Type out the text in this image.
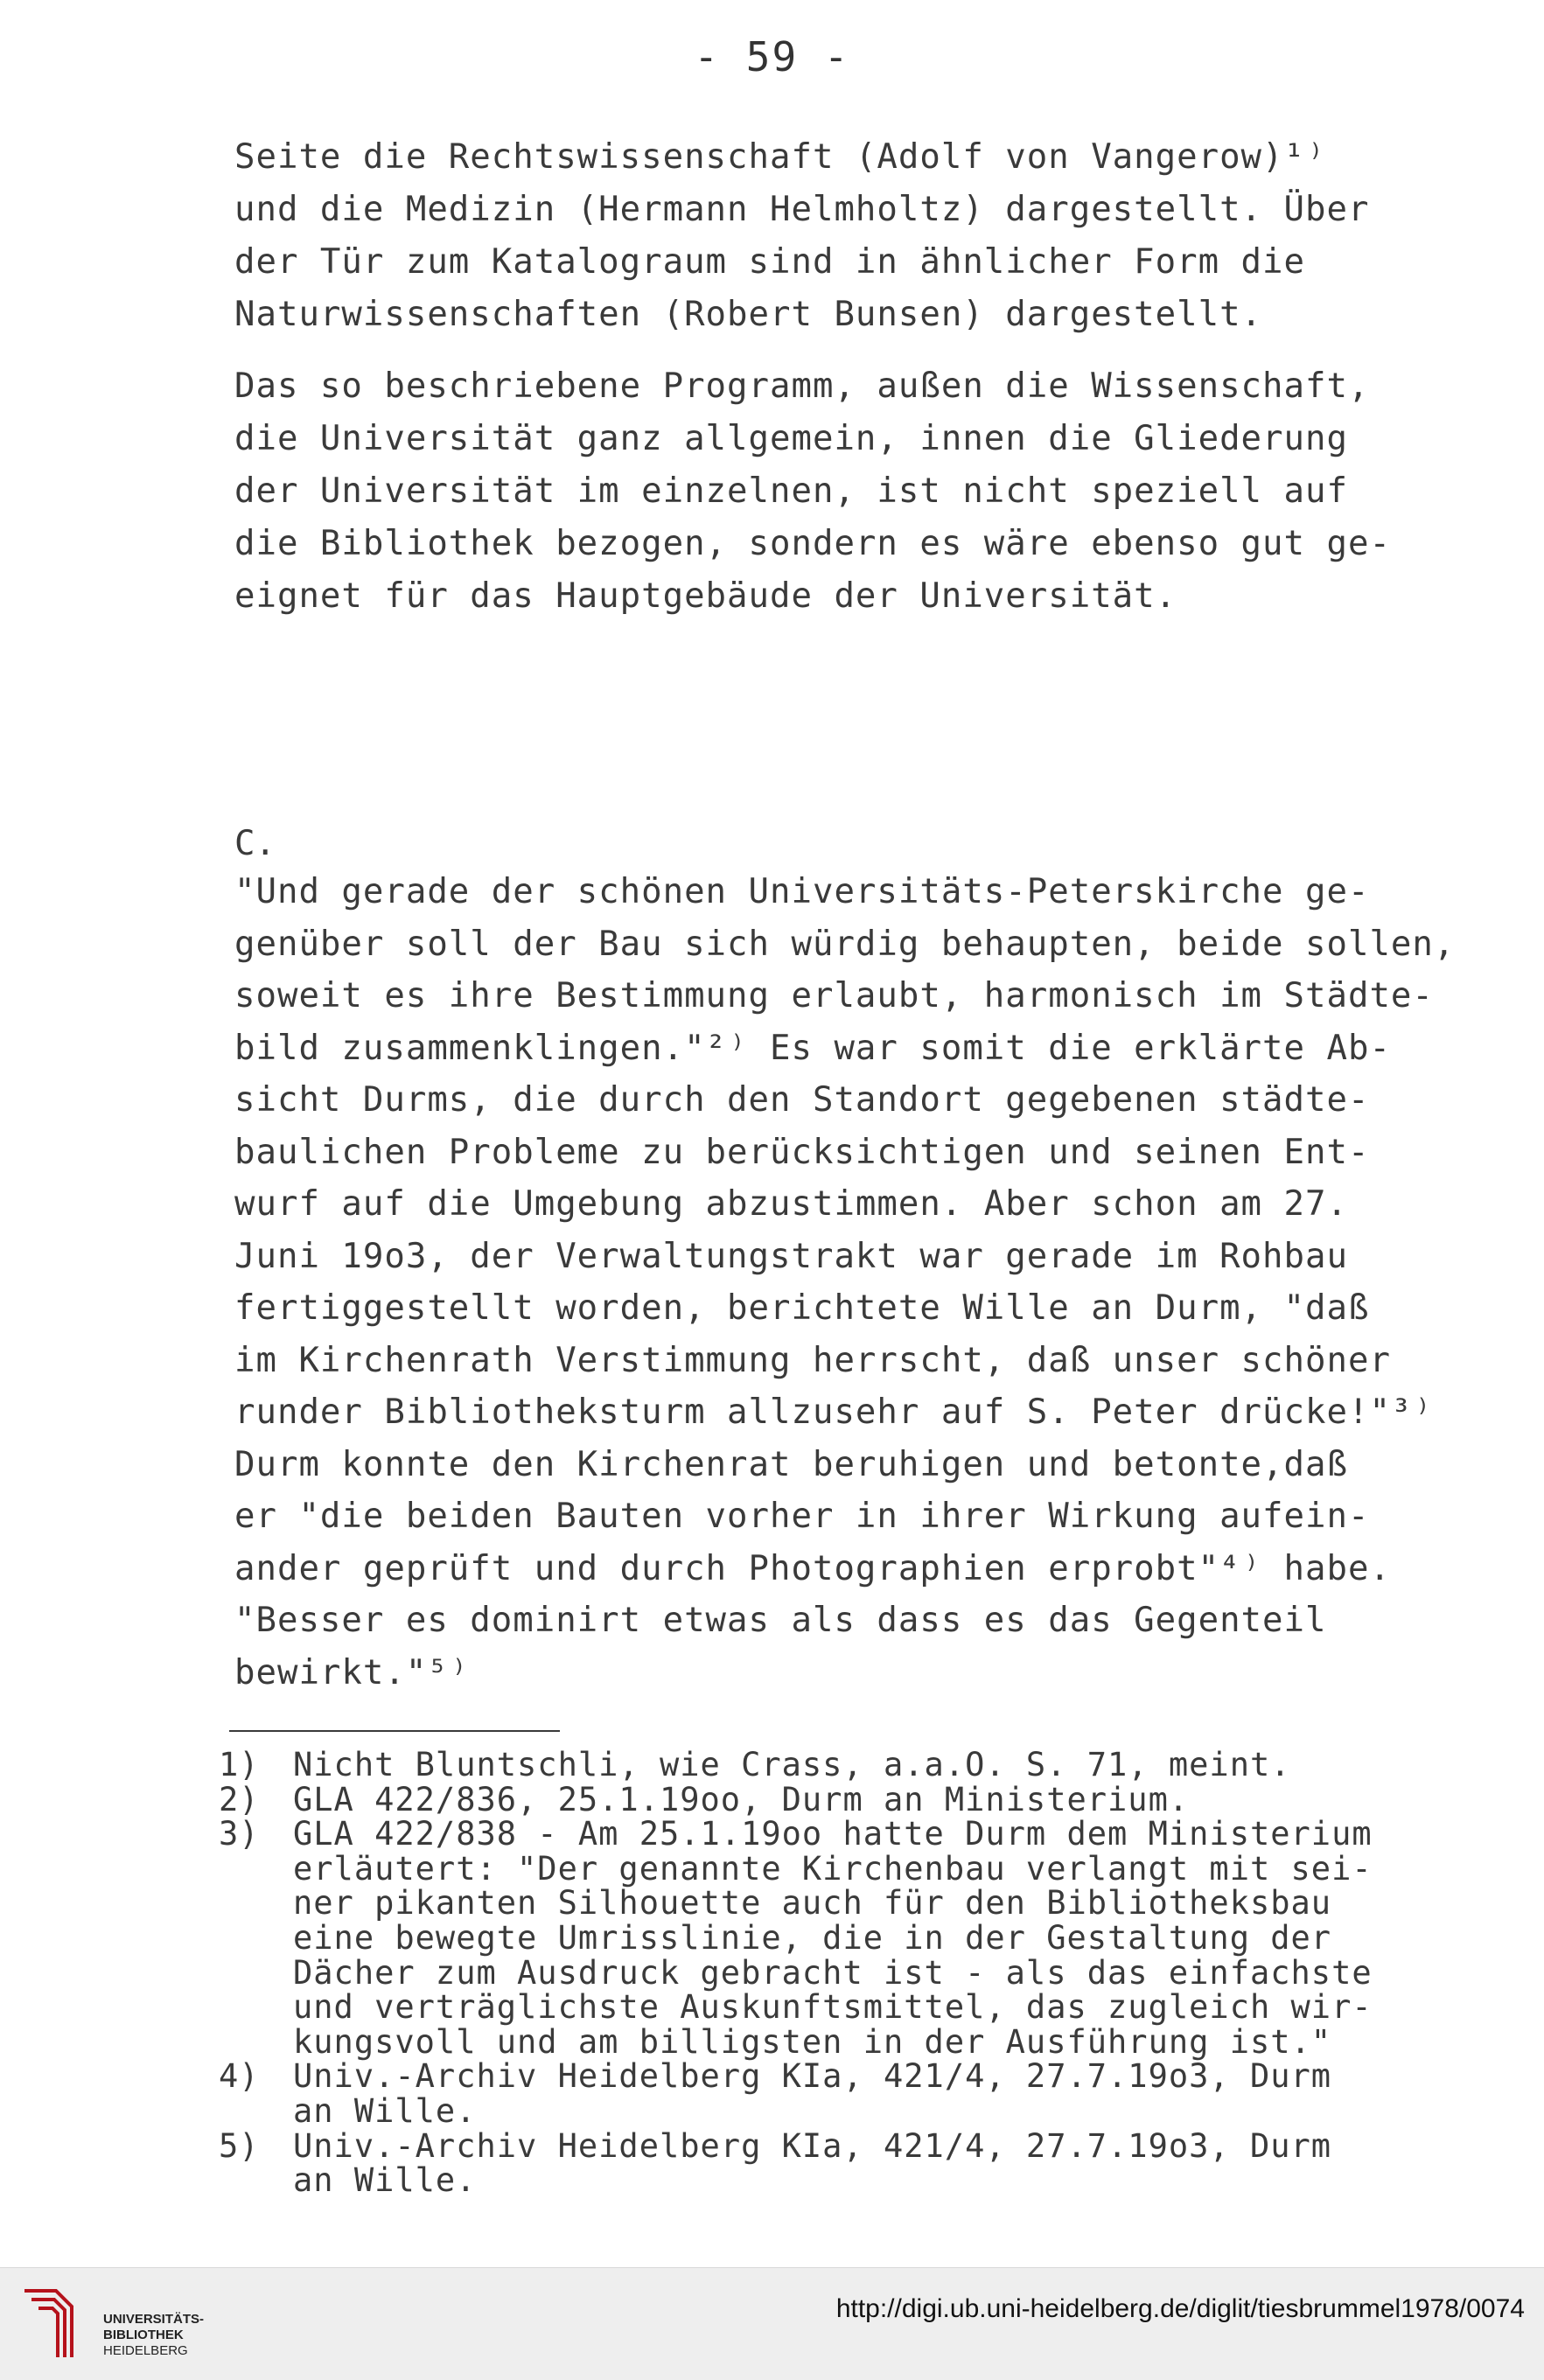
- 59 -
Seite die Rechtswissenschaft (Adolf von Vangerow)¹⁾
und die Medizin (Hermann Helmholtz) dargestellt. Über
der Tür zum Katalograum sind in ähnlicher Form die
Naturwissenschaften (Robert Bunsen) dargestellt.
Das so beschriebene Programm, außen die Wissenschaft,
die Universität ganz allgemein, innen die Gliederung
der Universität im einzelnen, ist nicht speziell auf
die Bibliothek bezogen, sondern es wäre ebenso gut ge-
eignet für das Hauptgebäude der Universität.
C.
"Und gerade der schönen Universitäts-Peterskirche ge-
genüber soll der Bau sich würdig behaupten, beide sollen,
soweit es ihre Bestimmung erlaubt, harmonisch im Städte-
bild zusammenklingen."²⁾ Es war somit die erklärte Ab-
sicht Durms, die durch den Standort gegebenen städte-
baulichen Probleme zu berücksichtigen und seinen Ent-
wurf auf die Umgebung abzustimmen. Aber schon am 27.
Juni 19o3, der Verwaltungstrakt war gerade im Rohbau
fertiggestellt worden, berichtete Wille an Durm, "daß
im Kirchenrath Verstimmung herrscht, daß unser schöner
runder Bibliotheksturm allzusehr auf S. Peter drücke!"³⁾
Durm konnte den Kirchenrat beruhigen und betonte,daß
er "die beiden Bauten vorher in ihrer Wirkung aufein-
ander geprüft und durch Photographien erprobt"⁴⁾ habe.
"Besser es dominirt etwas als dass es das Gegenteil
bewirkt."⁵⁾
1) Nicht Bluntschli, wie Crass, a.a.O. S. 71, meint.
2) GLA 422/836, 25.1.19oo, Durm an Ministerium.
3) GLA 422/838 - Am 25.1.19oo hatte Durm dem Ministerium
erläutert: "Der genannte Kirchenbau verlangt mit sei-
ner pikanten Silhouette auch für den Bibliotheksbau
eine bewegte Umrisslinie, die in der Gestaltung der
Dächer zum Ausdruck gebracht ist - als das einfachste
und verträglichste Auskunftsmittel, das zugleich wir-
kungsvoll und am billigsten in der Ausführung ist."
4) Univ.-Archiv Heidelberg KIa, 421/4, 27.7.19o3, Durm
an Wille.
5) Univ.-Archiv Heidelberg KIa, 421/4, 27.7.19o3, Durm
an Wille.
UNIVERSITÄTS-
BIBLIOTHEK
HEIDELBERG
http://digi.ub.uni-heidelberg.de/diglit/tiesbrummel1978/0074
